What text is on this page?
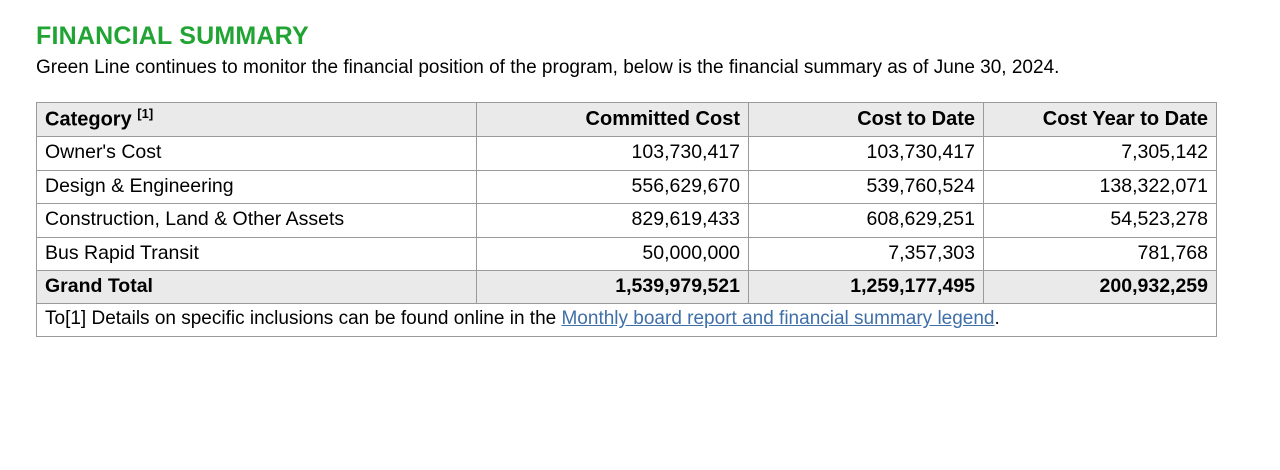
FINANCIAL SUMMARY

Green Line continues to monitor the financial position of the program, below is the financial summary as of June 30, 2024.

Category [1]	Committed Cost	Cost to Date	Cost Year to Date
Owner's Cost	103,730,417	103,730,417	7,305,142
Design & Engineering	556,629,670	539,760,524	138,322,071
Construction, Land & Other Assets	829,619,433	608,629,251	54,523,278
Bus Rapid Transit	50,000,000	7,357,303	781,768
Grand Total	1,539,979,521	1,259,177,495	200,932,259
To[1] Details on specific inclusions can be found online in the Monthly board report and financial summary legend.			
